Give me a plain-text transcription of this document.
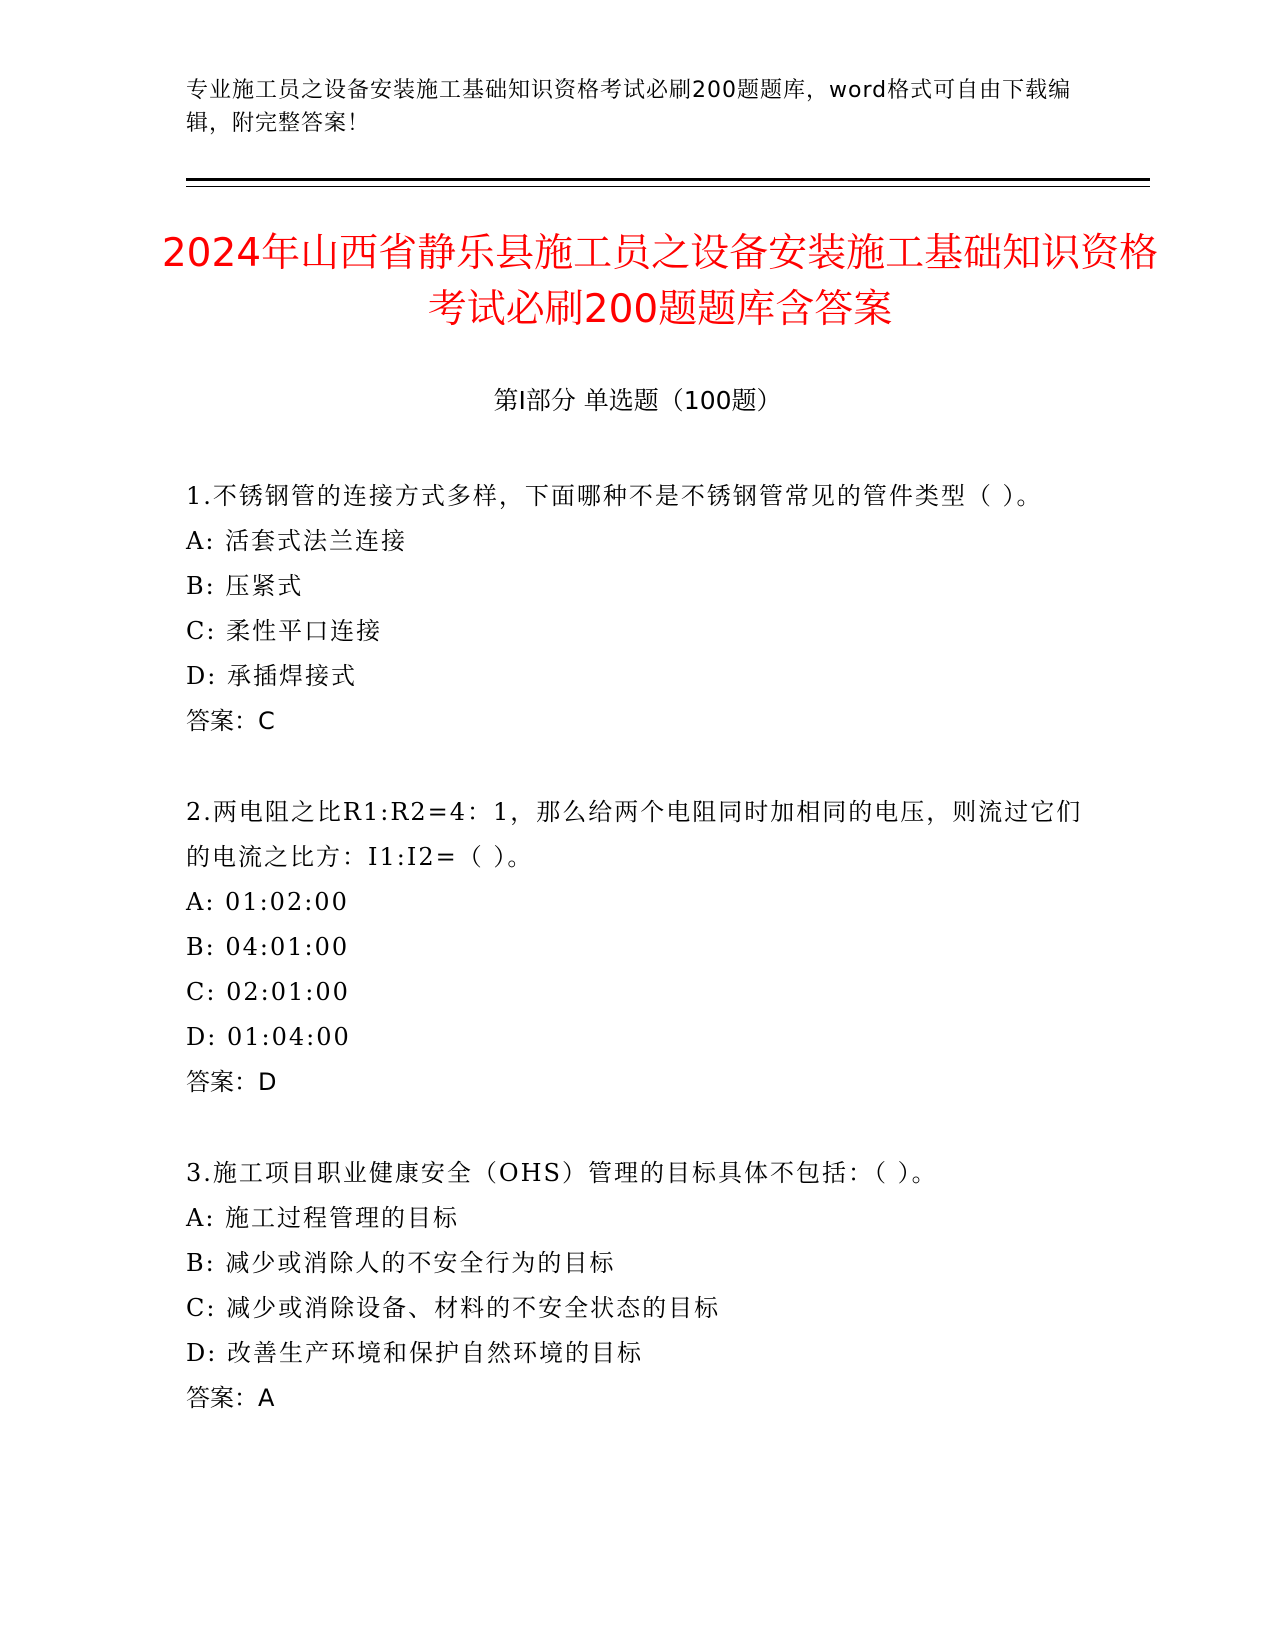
专业施工员之设备安装施工基础知识资格考试必刷200题题库，word格式可自由下载编辑，附完整答案！
2024年山西省静乐县施工员之设备安装施工基础知识资格考试必刷200题题库含答案
第Ⅰ部分 单选题（100题）
1.不锈钢管的连接方式多样，下面哪种不是不锈钢管常见的管件类型（ ）。
A: 活套式法兰连接
B: 压紧式
C: 柔性平口连接
D: 承插焊接式
答案：C
2.两电阻之比R1:R2=4：1，那么给两个电阻同时加相同的电压，则流过它们的电流之比方：I1:I2=（ ）。
A: 01:02:00
B: 04:01:00
C: 02:01:00
D: 01:04:00
答案：D
3.施工项目职业健康安全（OHS）管理的目标具体不包括：（ ）。
A: 施工过程管理的目标
B: 减少或消除人的不安全行为的目标
C: 减少或消除设备、材料的不安全状态的目标
D: 改善生产环境和保护自然环境的目标
答案：A
